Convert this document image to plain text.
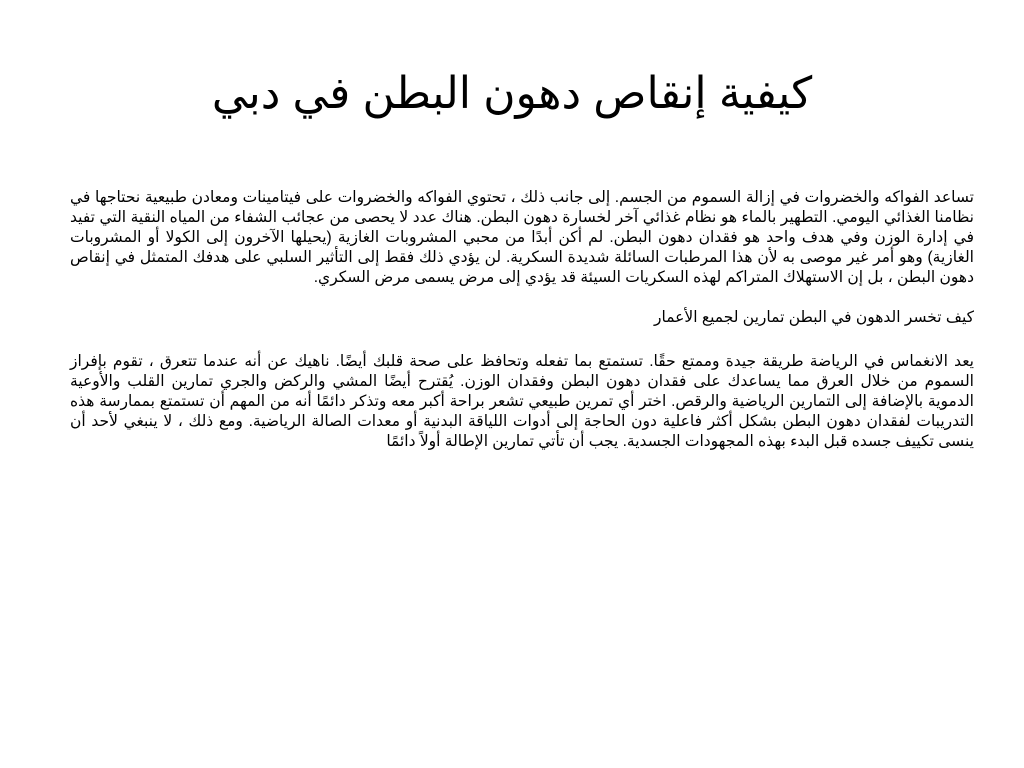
كيفية إنقاص دهون البطن في دبي

تساعد الفواكه والخضروات في إزالة السموم من الجسم. إلى جانب ذلك ، تحتوي الفواكه والخضروات على فيتامينات ومعادن طبيعية نحتاجها في نظامنا الغذائي اليومي. التطهير بالماء هو نظام غذائي آخر لخسارة دهون البطن. هناك عدد لا يحصى من عجائب الشفاء من المياه النقية التي تفيد في إدارة الوزن وفي هدف واحد هو فقدان دهون البطن. لم أكن أبدًا من محبي المشروبات الغازية (يحيلها الآخرون إلى الكولا أو المشروبات الغازية) وهو أمر غير موصى به لأن هذا المرطبات السائلة شديدة السكرية. لن يؤدي ذلك فقط إلى التأثير السلبي على هدفك المتمثل في إنقاص دهون البطن ، بل إن الاستهلاك المتراكم لهذه السكريات السيئة قد يؤدي إلى مرض يسمى مرض السكري.

كيف تخسر الدهون في البطن تمارين لجميع الأعمار

يعد الانغماس في الرياضة طريقة جيدة وممتع حقًا. تستمتع بما تفعله وتحافظ على صحة قلبك أيضًا. ناهيك عن أنه عندما تتعرق ، تقوم بإفراز السموم من خلال العرق مما يساعدك على فقدان دهون البطن وفقدان الوزن. يُقترح أيضًا المشي والركض والجري تمارين القلب والأوعية الدموية بالإضافة إلى التمارين الرياضية والرقص. اختر أي تمرين طبيعي تشعر براحة أكبر معه وتذكر دائمًا أنه من المهم أن تستمتع بممارسة هذه التدريبات لفقدان دهون البطن بشكل أكثر فاعلية دون الحاجة إلى أدوات اللياقة البدنية أو معدات الصالة الرياضية. ومع ذلك ، لا ينبغي لأحد أن ينسى تكييف جسده قبل البدء بهذه المجهودات الجسدية. يجب أن تأتي تمارين الإطالة أولاً دائمًا
